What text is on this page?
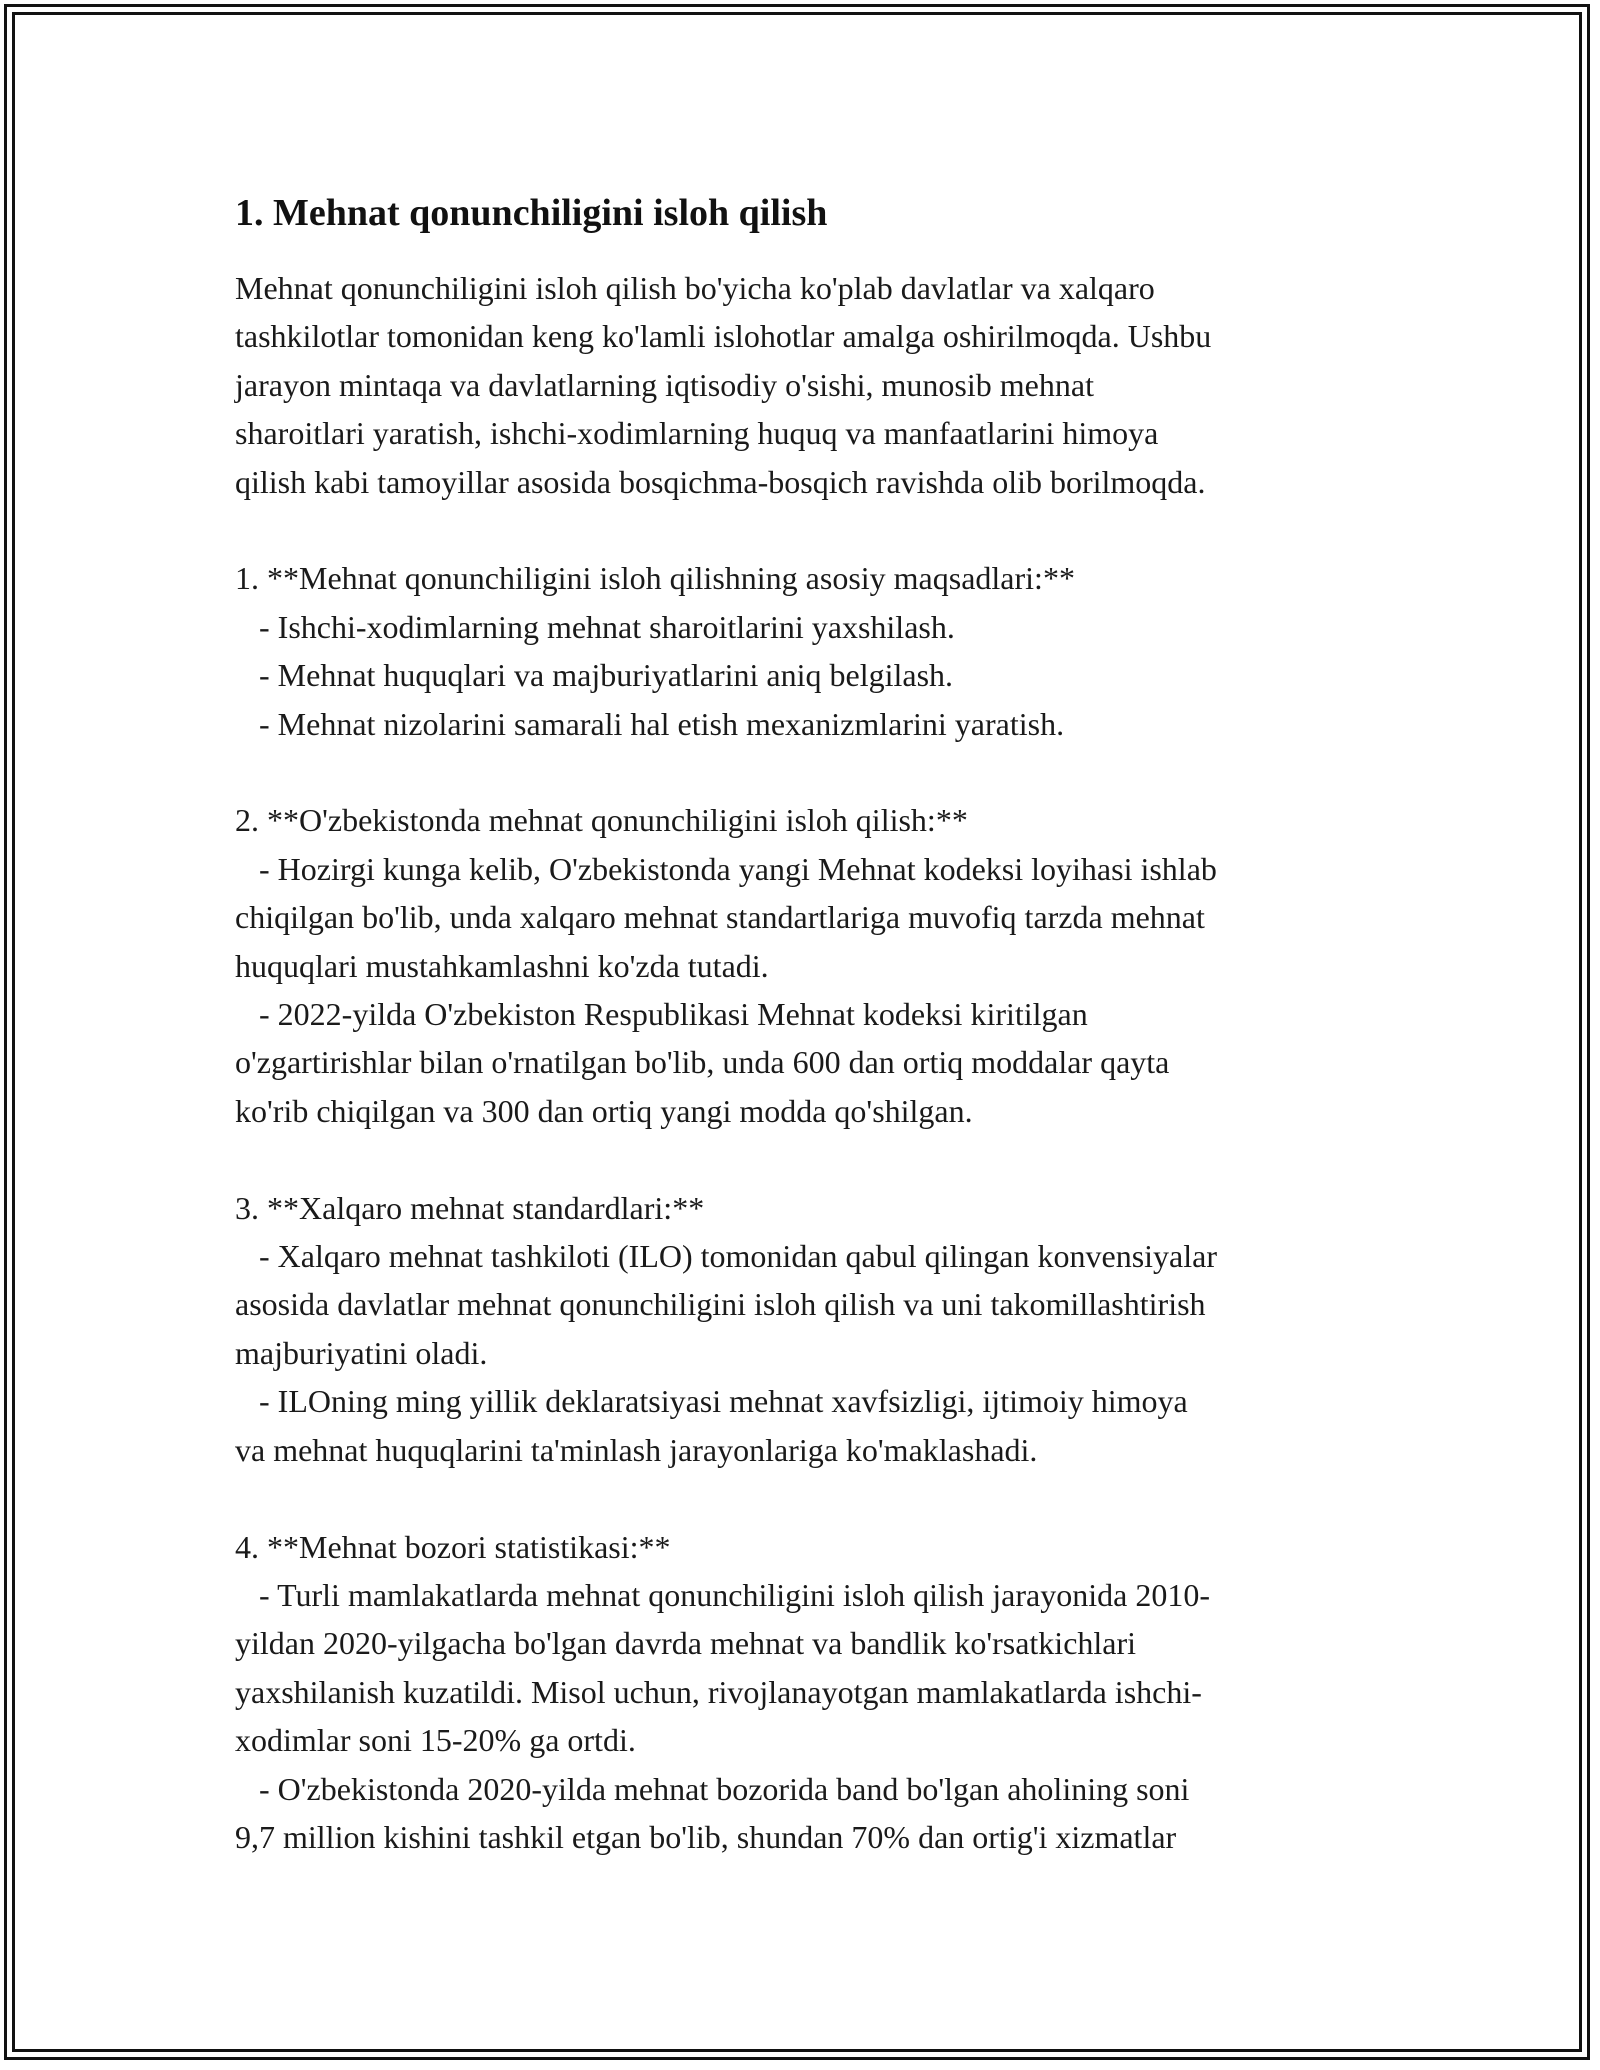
1. Mehnat qonunchiligini isloh qilish

Mehnat qonunchiligini isloh qilish bo'yicha ko'plab davlatlar va xalqaro
tashkilotlar tomonidan keng ko'lamli islohotlar amalga oshirilmoqda. Ushbu
jarayon mintaqa va davlatlarning iqtisodiy o'sishi, munosib mehnat
sharoitlari yaratish, ishchi-xodimlarning huquq va manfaatlarini himoya
qilish kabi tamoyillar asosida bosqichma-bosqich ravishda olib borilmoqda.

1. **Mehnat qonunchiligini isloh qilishning asosiy maqsadlari:**
- Ishchi-xodimlarning mehnat sharoitlarini yaxshilash.
- Mehnat huquqlari va majburiyatlarini aniq belgilash.
- Mehnat nizolarini samarali hal etish mexanizmlarini yaratish.

2. **O'zbekistonda mehnat qonunchiligini isloh qilish:**
- Hozirgi kunga kelib, O'zbekistonda yangi Mehnat kodeksi loyihasi ishlab
chiqilgan bo'lib, unda xalqaro mehnat standartlariga muvofiq tarzda mehnat
huquqlari mustahkamlashni ko'zda tutadi.
- 2022-yilda O'zbekiston Respublikasi Mehnat kodeksi kiritilgan
o'zgartirishlar bilan o'rnatilgan bo'lib, unda 600 dan ortiq moddalar qayta
ko'rib chiqilgan va 300 dan ortiq yangi modda qo'shilgan.

3. **Xalqaro mehnat standardlari:**
- Xalqaro mehnat tashkiloti (ILO) tomonidan qabul qilingan konvensiyalar
asosida davlatlar mehnat qonunchiligini isloh qilish va uni takomillashtirish
majburiyatini oladi.
- ILOning ming yillik deklaratsiyasi mehnat xavfsizligi, ijtimoiy himoya
va mehnat huquqlarini ta'minlash jarayonlariga ko'maklashadi.

4. **Mehnat bozori statistikasi:**
- Turli mamlakatlarda mehnat qonunchiligini isloh qilish jarayonida 2010-
yildan 2020-yilgacha bo'lgan davrda mehnat va bandlik ko'rsatkichlari
yaxshilanish kuzatildi. Misol uchun, rivojlanayotgan mamlakatlarda ishchi-
xodimlar soni 15-20% ga ortdi.
- O'zbekistonda 2020-yilda mehnat bozorida band bo'lgan aholining soni
9,7 million kishini tashkil etgan bo'lib, shundan 70% dan ortig'i xizmatlar
